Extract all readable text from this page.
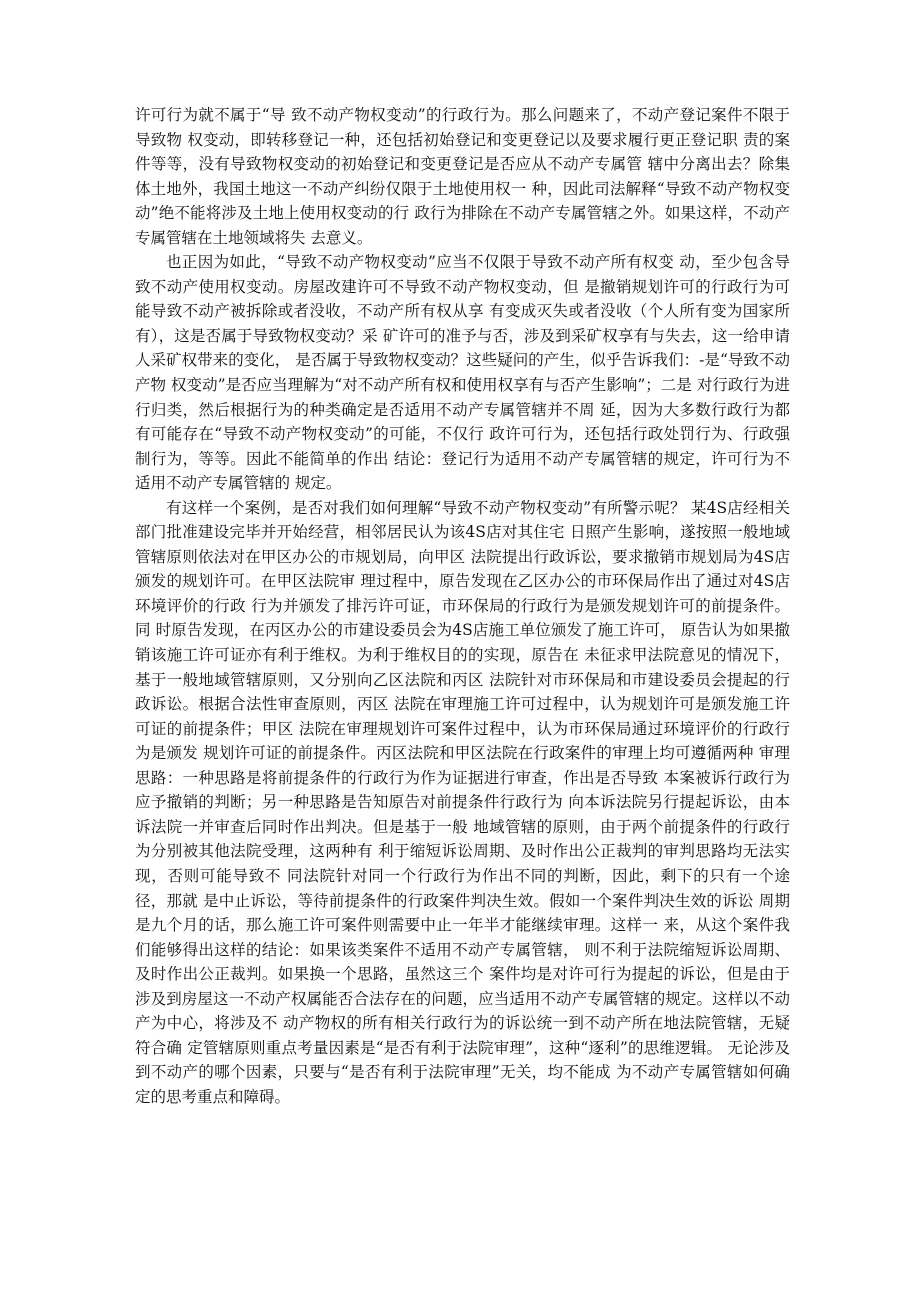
许可行为就不属于“导 致不动产物权变动”的行政行为。那么问题来了，不动产登记案件不限于导致物 权变动，即转移登记一种，还包括初始登记和变更登记以及要求履行更正登记职 责的案件等等，没有导致物权变动的初始登记和变更登记是否应从不动产专属管 辖中分离出去？除集体土地外，我国土地这一不动产纠纷仅限于土地使用权一 种，因此司法解释“导致不动产物权变动”绝不能将涉及土地上使用权变动的行 政行为排除在不动产专属管辖之外。如果这样，不动产专属管辖在土地领域将失 去意义。

也正因为如此，“导致不动产物权变动”应当不仅限于导致不动产所有权变 动，至少包含导致不动产使用权变动。房屋改建许可不导致不动产物权变动，但 是撤销规划许可的行政行为可能导致不动产被拆除或者没收，不动产所有权从享 有变成灭失或者没收（个人所有变为国家所有），这是否属于导致物权变动？采 矿许可的准予与否，涉及到采矿权享有与失去，这一给申请人采矿权带来的变化， 是否属于导致物权变动？这些疑问的产生，似乎告诉我们：-是“导致不动产物 权变动”是否应当理解为“对不动产所有权和使用权享有与否产生影响”；二是 对行政行为进行归类，然后根据行为的种类确定是否适用不动产专属管辖并不周 延，因为大多数行政行为都有可能存在“导致不动产物权变动”的可能，不仅行 政许可行为，还包括行政处罚行为、行政强制行为，等等。因此不能简单的作出 结论：登记行为适用不动产专属管辖的规定，许可行为不适用不动产专属管辖的 规定。

有这样一个案例，是否对我们如何理解“导致不动产物权变动”有所警示呢？ 某4S店经相关部门批准建设完毕并开始经营，相邻居民认为该4S店对其住宅 日照产生影响，遂按照一般地域管辖原则依法对在甲区办公的市规划局，向甲区 法院提出行政诉讼，要求撤销市规划局为4S店颁发的规划许可。在甲区法院审 理过程中，原告发现在乙区办公的市环保局作出了通过对4S店环境评价的行政 行为并颁发了排污许可证，市环保局的行政行为是颁发规划许可的前提条件。同 时原告发现，在丙区办公的市建设委员会为4S店施工单位颁发了施工许可， 原告认为如果撤销该施工许可证亦有利于维权。为利于维权目的的实现，原告在 未征求甲法院意见的情况下，基于一般地域管辖原则，又分别向乙区法院和丙区 法院针对市环保局和市建设委员会提起的行政诉讼。根据合法性审查原则，丙区 法院在审理施工许可过程中，认为规划许可是颁发施工许可证的前提条件；甲区 法院在审理规划许可案件过程中，认为市环保局通过环境评价的行政行为是颁发 规划许可证的前提条件。丙区法院和甲区法院在行政案件的审理上均可遵循两种 审理思路：一种思路是将前提条件的行政行为作为证据进行审查，作出是否导致 本案被诉行政行为应予撤销的判断；另一种思路是告知原告对前提条件行政行为 向本诉法院另行提起诉讼，由本诉法院一并审查后同时作出判决。但是基于一般 地域管辖的原则，由于两个前提条件的行政行为分别被其他法院受理，这两种有 利于缩短诉讼周期、及时作出公正裁判的审判思路均无法实现，否则可能导致不 同法院针对同一个行政行为作出不同的判断，因此，剩下的只有一个途径，那就 是中止诉讼，等待前提条件的行政案件判决生效。假如一个案件判决生效的诉讼 周期是九个月的话，那么施工许可案件则需要中止一年半才能继续审理。这样一 来，从这个案件我们能够得出这样的结论：如果该类案件不适用不动产专属管辖， 则不利于法院缩短诉讼周期、及时作出公正裁判。如果换一个思路，虽然这三个 案件均是对许可行为提起的诉讼，但是由于涉及到房屋这一不动产权属能否合法存在的问题，应当适用不动产专属管辖的规定。这样以不动产为中心，将涉及不 动产物权的所有相关行政行为的诉讼统一到不动产所在地法院管辖，无疑符合确 定管辖原则重点考量因素是“是否有利于法院审理”，这种“逐利”的思维逻辑。 无论涉及到不动产的哪个因素，只要与“是否有利于法院审理”无关，均不能成 为不动产专属管辖如何确定的思考重点和障碍。
